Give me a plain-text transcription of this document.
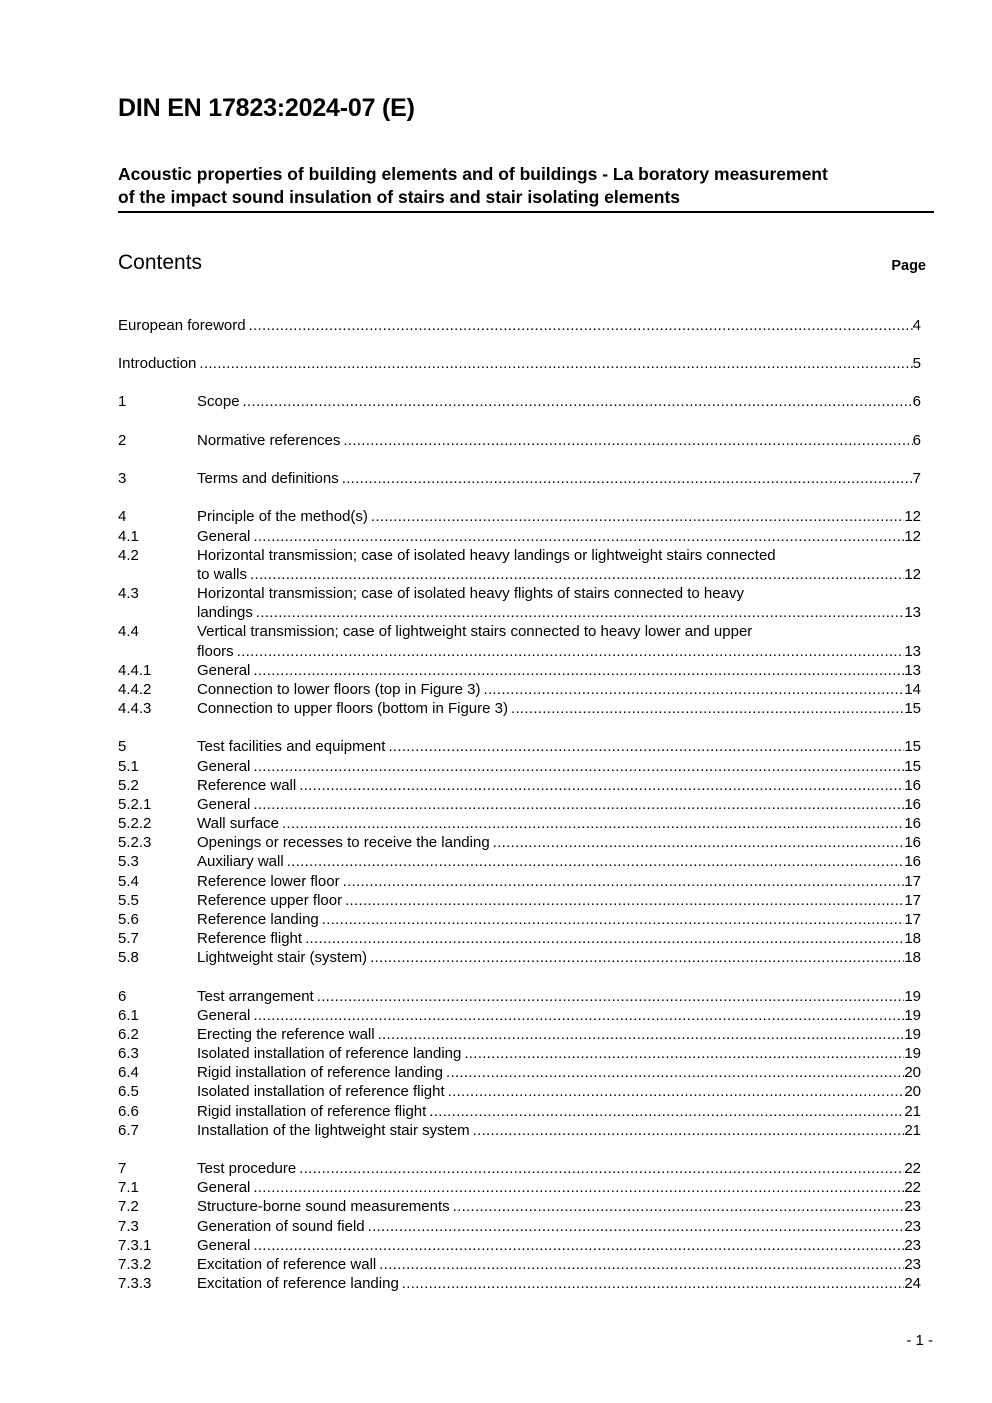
DIN EN 17823:2024-07 (E)
Acoustic properties of building elements and of buildings - La boratory measurement
of the impact sound insulation of stairs and stair isolating elements
Contents	Page
European foreword .....	4
Introduction .....	5
1	Scope .....	6
2	Normative references .....	6
3	Terms and definitions .....	7
4	Principle of the method(s) .....	12
4.1	General .....	12
4.2	Horizontal transmission; case of isolated heavy landings or lightweight stairs connected
to walls .....	12
4.3	Horizontal transmission; case of isolated heavy flights of stairs connected to heavy
landings .....	13
4.4	Vertical transmission; case of lightweight stairs connected to heavy lower and upper
floors .....	13
4.4.1	General .....	13
4.4.2	Connection to lower floors (top in Figure 3) .....	14
4.4.3	Connection to upper floors (bottom in Figure 3) .....	15
5	Test facilities and equipment .....	15
5.1	General .....	15
5.2	Reference wall .....	16
5.2.1	General .....	16
5.2.2	Wall surface .....	16
5.2.3	Openings or recesses to receive the landing .....	16
5.3	Auxiliary wall .....	16
5.4	Reference lower floor .....	17
5.5	Reference upper floor .....	17
5.6	Reference landing .....	17
5.7	Reference flight .....	18
5.8	Lightweight stair (system) .....	18
6	Test arrangement .....	19
6.1	General .....	19
6.2	Erecting the reference wall .....	19
6.3	Isolated installation of reference landing .....	19
6.4	Rigid installation of reference landing .....	20
6.5	Isolated installation of reference flight .....	20
6.6	Rigid installation of reference flight .....	21
6.7	Installation of the lightweight stair system .....	21
7	Test procedure .....	22
7.1	General .....	22
7.2	Structure-borne sound measurements .....	23
7.3	Generation of sound field .....	23
7.3.1	General .....	23
7.3.2	Excitation of reference wall .....	23
7.3.3	Excitation of reference landing .....	24
- 1 -
